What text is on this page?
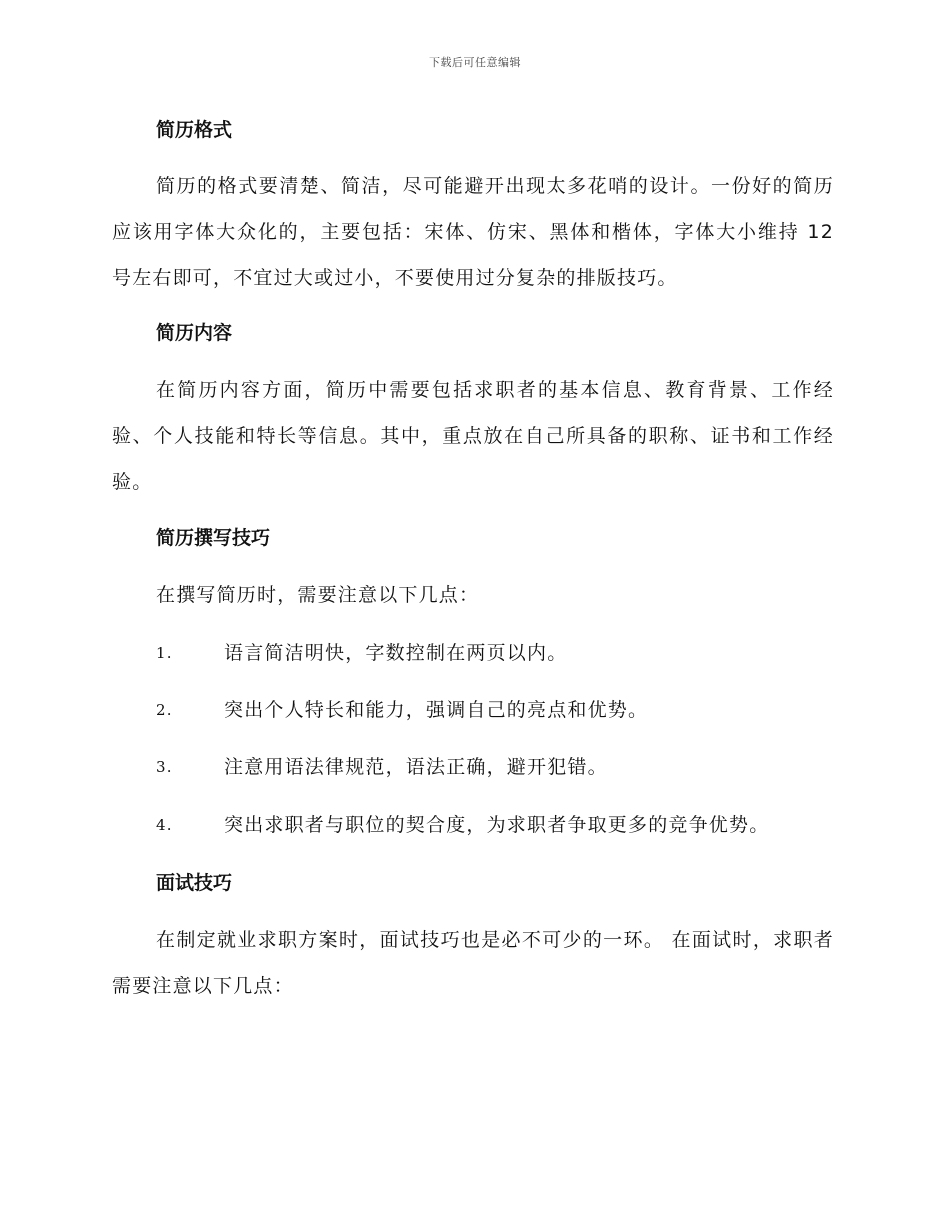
下载后可任意编辑
简历格式

简历的格式要清楚、简洁，尽可能避开出现太多花哨的设计。一份好的简历应该用字体大众化的，主要包括：宋体、仿宋、黑体和楷体，字体大小维持 12 号左右即可，不宜过大或过小，不要使用过分复杂的排版技巧。

简历内容

在简历内容方面，简历中需要包括求职者的基本信息、教育背景、工作经验、个人技能和特长等信息。其中，重点放在自己所具备的职称、证书和工作经验。

简历撰写技巧

在撰写简历时，需要注意以下几点：

1.	语言简洁明快，字数控制在两页以内。
2.	突出个人特长和能力，强调自己的亮点和优势。
3.	注意用语法律规范，语法正确，避开犯错。
4.	突出求职者与职位的契合度，为求职者争取更多的竞争优势。
面试技巧

在制定就业求职方案时，面试技巧也是必不可少的一环。 在面试时，求职者需要注意以下几点：
